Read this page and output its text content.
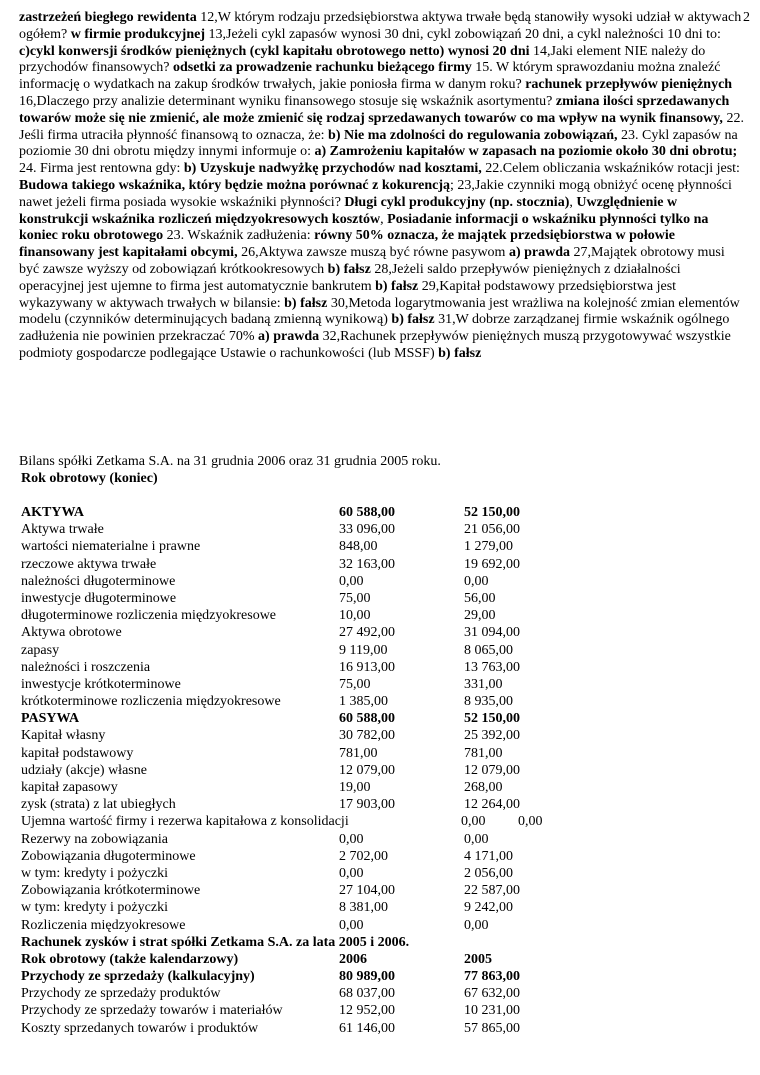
2
zastrzeżeń biegłego rewidenta 12,W którym rodzaju przedsiębiorstwa aktywa trwałe będą stanowiły wysoki udział w aktywach ogółem? w firmie produkcyjnej 13,Jeżeli cykl zapasów wynosi 30 dni, cykl zobowiązań 20 dni, a cykl należności 10 dni to: c)cykl konwersji środków pieniężnych (cykl kapitału obrotowego netto) wynosi 20 dni 14,Jaki element NIE należy do przychodów finansowych? odsetki za prowadzenie rachunku bieżącego firmy 15. W którym sprawozdaniu można znaleźć informację o wydatkach na zakup środków trwałych, jakie poniosła firma w danym roku? rachunek przepływów pieniężnych 16,Dlaczego przy analizie determinant wyniku finansowego stosuje się wskaźnik asortymentu? zmiana ilości sprzedawanych towarów może się nie zmienić, ale może zmienić się rodzaj sprzedawanych towarów co ma wpływ na wynik finansowy, 22. Jeśli firma utraciła płynność finansową to oznacza, że: b) Nie ma zdolności do regulowania zobowiązań, 23. Cykl zapasów na poziomie 30 dni obrotu między innymi informuje o: a) Zamrożeniu kapitałów w zapasach na poziomie około 30 dni obrotu; 24. Firma jest rentowna gdy: b) Uzyskuje nadwyżkę przychodów nad kosztami, 22.Celem obliczania wskaźników rotacji jest: Budowa takiego wskaźnika, który będzie można porównać z kokurencją; 23,Jakie czynniki mogą obniżyć ocenę płynności nawet jeżeli firma posiada wysokie wskaźniki płynności? Długi cykl produkcyjny (np. stocznia), Uwzględnienie w konstrukcji wskaźnika rozliczeń międzyokresowych kosztów, Posiadanie informacji o wskaźniku płynności tylko na koniec roku obrotowego 23. Wskaźnik zadłużenia: równy 50% oznacza, że majątek przedsiębiorstwa w połowie finansowany jest kapitałami obcymi, 26,Aktywa zawsze muszą być równe pasywom a) prawda 27,Majątek obrotowy musi być zawsze wyższy od zobowiązań krótkookresowych b) fałsz 28,Jeżeli saldo przepływów pieniężnych z działalności operacyjnej jest ujemne to firma jest automatycznie bankrutem b) fałsz 29,Kapitał podstawowy przedsiębiorstwa jest wykazywany w aktywach trwałych w bilansie: b) fałsz 30,Metoda logarytmowania jest wrażliwa na kolejność zmian elementów modelu (czynników determinujących badaną zmienną wynikową) b) fałsz 31,W dobrze zarządzanej firmie wskaźnik ogólnego zadłużenia nie powinien przekraczać 70% a) prawda 32,Rachunek przepływów pieniężnych muszą przygotowywać wszystkie podmioty gospodarcze podlegające Ustawie o rachunkowości (lub MSSF) b) fałsz
Bilans spółki Zetkama S.A. na 31 grudnia 2006 oraz 31 grudnia 2005 roku.
Rok obrotowy (koniec)
AKTYWA	60 588,00	52 150,00
Aktywa trwałe	33 096,00	21 056,00
wartości niematerialne i prawne	848,00	1 279,00
rzeczowe aktywa trwałe	32 163,00	19 692,00
należności długoterminowe	0,00	0,00
inwestycje długoterminowe	75,00	56,00
długoterminowe rozliczenia międzyokresowe	10,00	29,00
Aktywa obrotowe	27 492,00	31 094,00
zapasy	9 119,00	8 065,00
należności i roszczenia	16 913,00	13 763,00
inwestycje krótkoterminowe	75,00	331,00
krótkoterminowe rozliczenia międzyokresowe	1 385,00	8 935,00
PASYWA	60 588,00	52 150,00
Kapitał własny	30 782,00	25 392,00
kapitał podstawowy	781,00	781,00
udziały (akcje) własne	12 079,00	12 079,00
kapitał zapasowy	19,00	268,00
zysk (strata) z lat ubiegłych	17 903,00	12 264,00
Ujemna wartość firmy i rezerwa kapitałowa z konsolidacji	0,00 0,00
Rezerwy na zobowiązania	0,00	0,00
Zobowiązania długoterminowe	2 702,00	4 171,00
w tym: kredyty i pożyczki	0,00	2 056,00
Zobowiązania krótkoterminowe	27 104,00	22 587,00
w tym: kredyty i pożyczki	8 381,00	9 242,00
Rozliczenia międzyokresowe	0,00	0,00
Rachunek zysków i strat spółki Zetkama S.A. za lata 2005 i 2006.
Rok obrotowy (także kalendarzowy)	2006	2005
Przychody ze sprzedaży (kalkulacyjny)	80 989,00	77 863,00
Przychody ze sprzedaży produktów	68 037,00	67 632,00
Przychody ze sprzedaży towarów i materiałów	12 952,00	10 231,00
Koszty sprzedanych towarów i produktów	61 146,00	57 865,00
